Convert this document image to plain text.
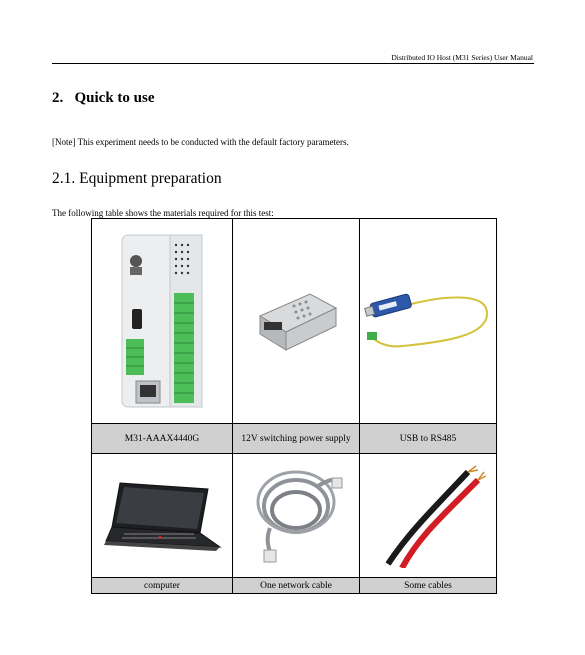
Distributed IO Host (M31 Series) User Manual
2. Quick to use
[Note] This experiment needs to be conducted with the default factory parameters.
2.1. Equipment preparation
The following table shows the materials required for this test:

M31-AAAX4440G	12V switching power supply	USB to RS485

computer	One network cable	Some cables
